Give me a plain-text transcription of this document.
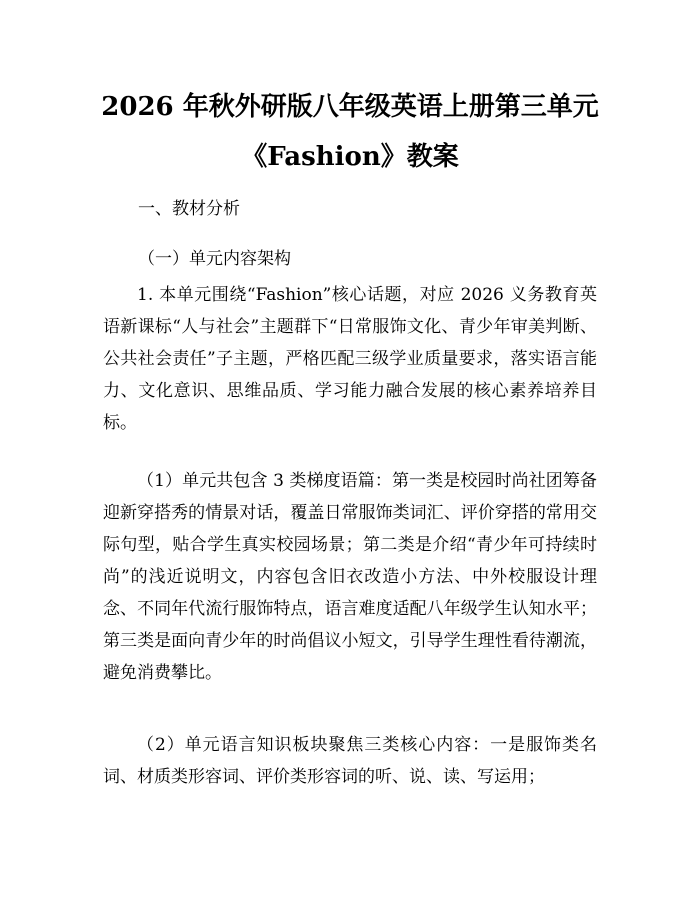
2026 年秋外研版八年级英语上册第三单元
《Fashion》教案
一、教材分析
（一）单元内容架构
1. 本单元围绕“Fashion”核心话题，对应 2026 义务教育英语新课标“人与社会”主题群下“日常服饰文化、青少年审美判断、公共社会责任”子主题，严格匹配三级学业质量要求，落实语言能力、文化意识、思维品质、学习能力融合发展的核心素养培养目标。
（1）单元共包含 3 类梯度语篇：第一类是校园时尚社团筹备迎新穿搭秀的情景对话，覆盖日常服饰类词汇、评价穿搭的常用交际句型，贴合学生真实校园场景；第二类是介绍“青少年可持续时尚”的浅近说明文，内容包含旧衣改造小方法、中外校服设计理念、不同年代流行服饰特点，语言难度适配八年级学生认知水平；第三类是面向青少年的时尚倡议小短文，引导学生理性看待潮流，避免消费攀比。
（2）单元语言知识板块聚焦三类核心内容：一是服饰类名词、材质类形容词、评价类形容词的听、说、读、写运用；
